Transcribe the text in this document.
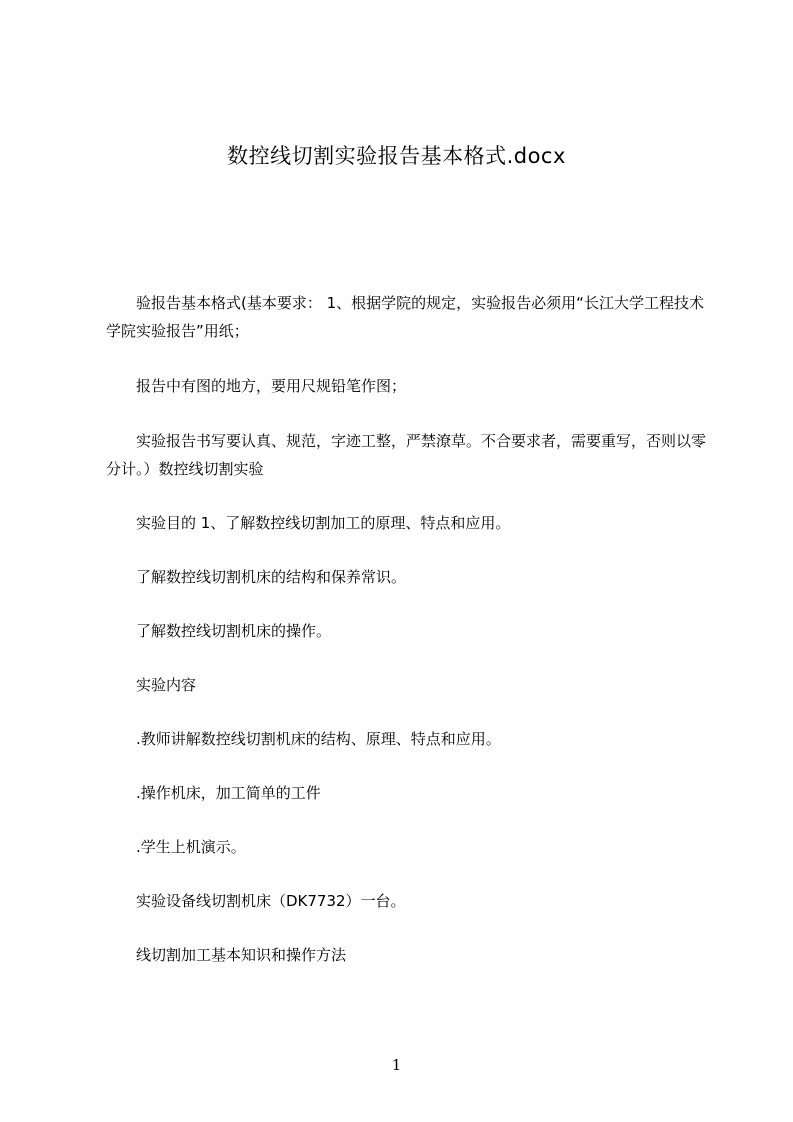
数控线切割实验报告基本格式.docx

验报告基本格式(基本要求： 1、根据学院的规定，实验报告必须用“长江大学工程技术学院实验报告”用纸；

报告中有图的地方，要用尺规铅笔作图；

实验报告书写要认真、规范，字迹工整，严禁潦草。不合要求者，需要重写，否则以零分计。）数控线切割实验

实验目的 1、了解数控线切割加工的原理、特点和应用。

了解数控线切割机床的结构和保养常识。

了解数控线切割机床的操作。

实验内容

.教师讲解数控线切割机床的结构、原理、特点和应用。

.操作机床，加工简单的工件

.学生上机演示。

实验设备线切割机床（DK7732）一台。

线切割加工基本知识和操作方法

1
